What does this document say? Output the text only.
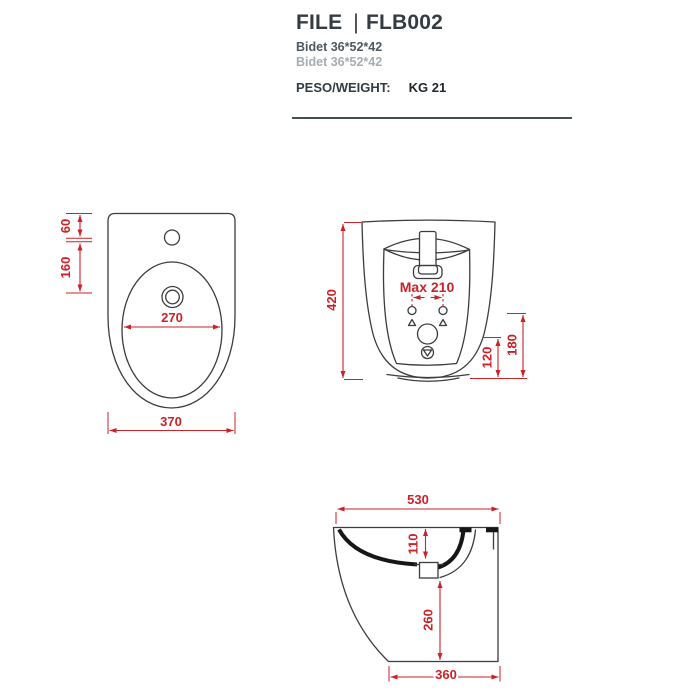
FILE | FLB002
Bidet 36*52*42
Bidet 36*52*42
PESO/WEIGHT: KG 21
60
160
270
370
420
Max 210
120
180
530
110
260
360
